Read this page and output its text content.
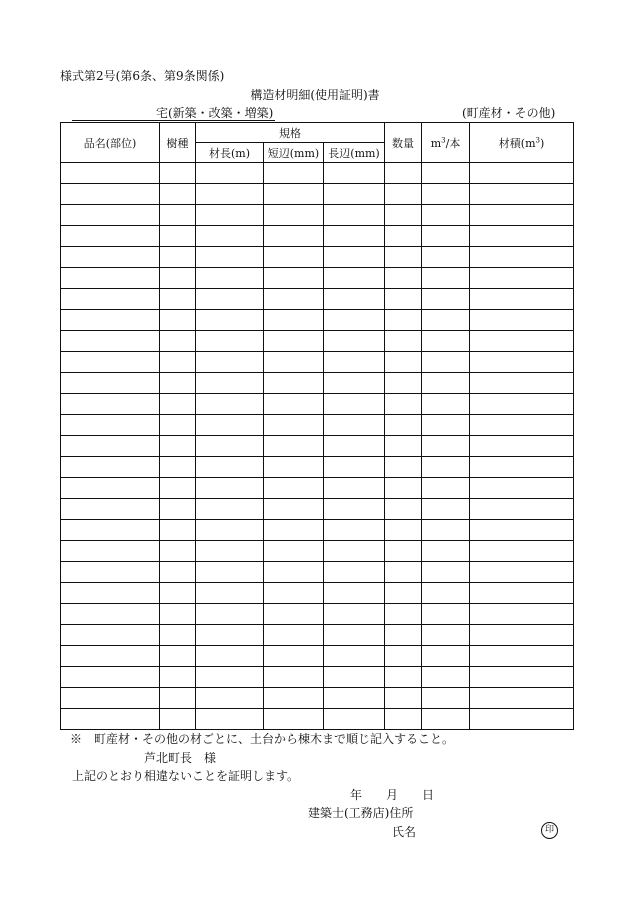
様式第2号(第6条、第9条関係)
構造材明細(使用証明)書
宅(新築・改築・増築)	(町産材・その他)
品名(部位)	樹種	規格			数量	$m^3/$本	材積$(m^3)$
		材長(m)	短辺(mm)	長辺(mm)			

※　町産材・その他の材ごとに、土台から棟木まで順じ記入すること。
芦北町長　様
上記のとおり相違ないことを証明します。
年　　月　　日
建築士(工務店)住所
氏名	印
